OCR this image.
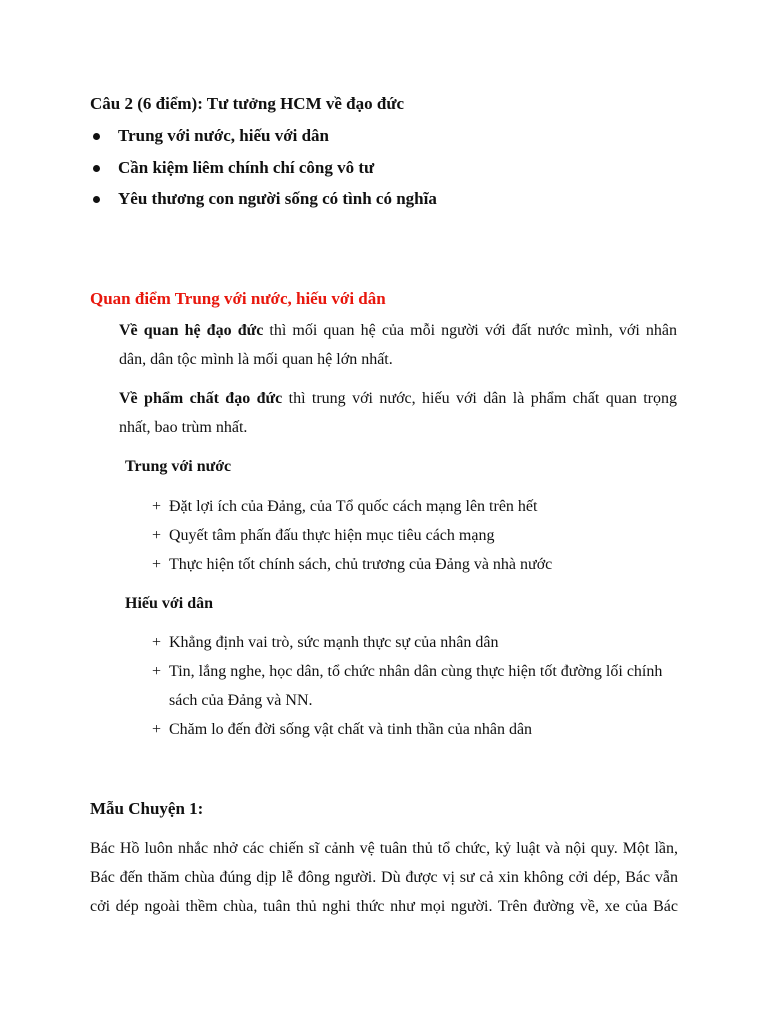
Câu 2 (6 điểm): Tư tưởng HCM về đạo đức

Trung với nước, hiếu với dân

Cần kiệm liêm chính chí công vô tư

Yêu thương con người sống có tình có nghĩa

Quan điểm Trung với nước, hiếu với dân

Về quan hệ đạo đức thì mối quan hệ của mỗi người với đất nước mình, với nhân
dân, dân tộc mình là mối quan hệ lớn nhất.
Về phẩm chất đạo đức thì trung với nước, hiếu với dân là phẩm chất quan trọng
nhất, bao trùm nhất.

Trung với nước

+ Đặt lợi ích của Đảng, của Tổ quốc cách mạng lên trên hết
+ Quyết tâm phấn đấu thực hiện mục tiêu cách mạng
+ Thực hiện tốt chính sách, chủ trương của Đảng và nhà nước

Hiếu với dân

+ Khẳng định vai trò, sức mạnh thực sự của nhân dân
+ Tin, lắng nghe, học dân, tổ chức nhân dân cùng thực hiện tốt đường lối chính
sách của Đảng và NN.
+ Chăm lo đến đời sống vật chất và tinh thần của nhân dân

Mẫu Chuyện 1:

Bác Hồ luôn nhắc nhở các chiến sĩ cảnh vệ tuân thủ tổ chức, kỷ luật và nội quy. Một lần,
Bác đến thăm chùa đúng dịp lễ đông người. Dù được vị sư cả xin không cởi dép, Bác vẫn
cởi dép ngoài thềm chùa, tuân thủ nghi thức như mọi người. Trên đường về, xe của Bác
